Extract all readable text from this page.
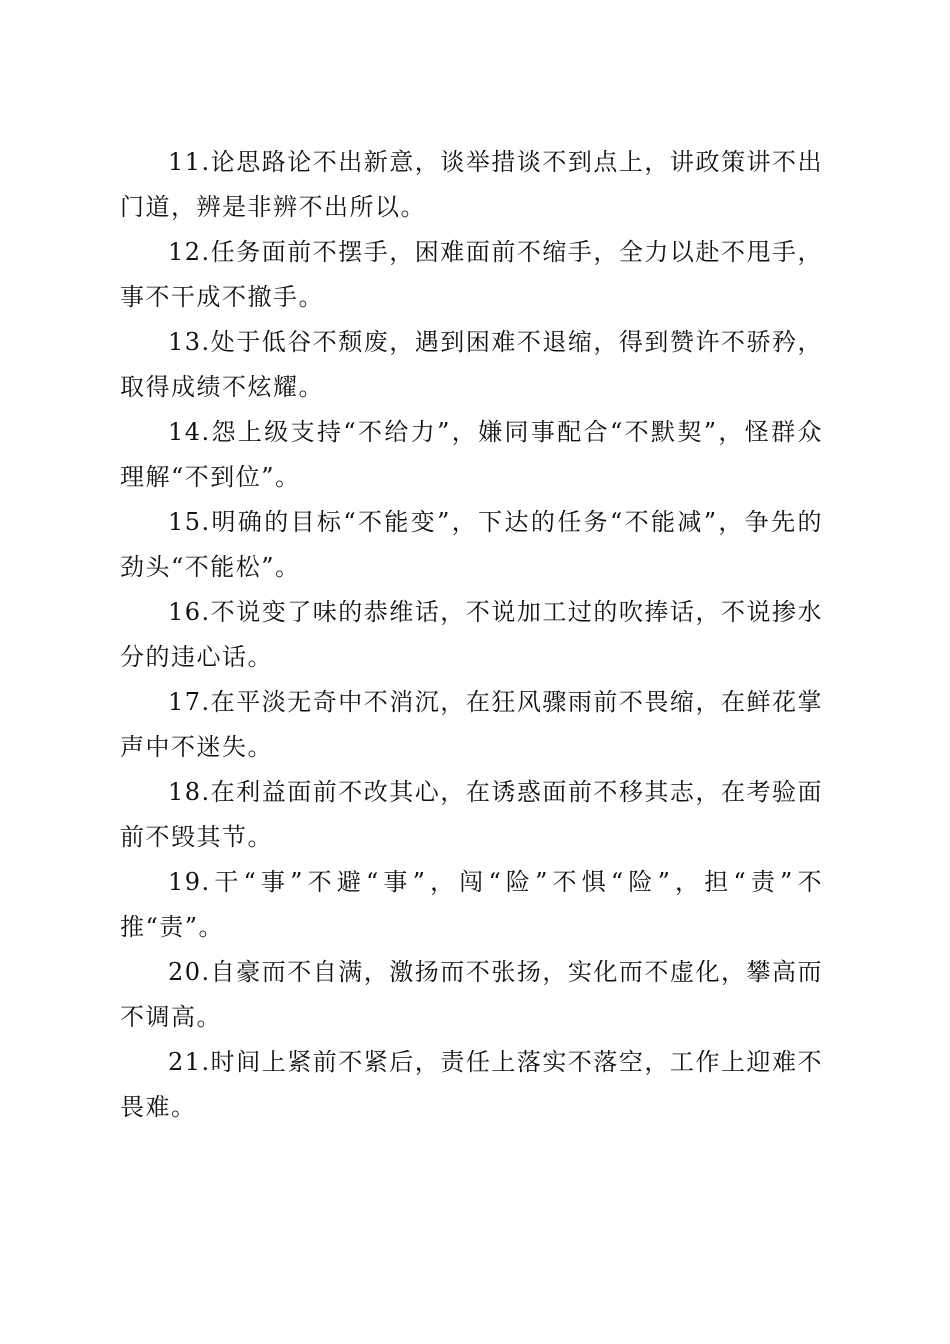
11.论思路论不出新意，谈举措谈不到点上，讲政策讲不出门道，辨是非辨不出所以。

12.任务面前不摆手，困难面前不缩手，全力以赴不甩手，事不干成不撤手。

13.处于低谷不颓废，遇到困难不退缩，得到赞许不骄矜，取得成绩不炫耀。

14.怨上级支持“不给力”，嫌同事配合“不默契”，怪群众理解“不到位”。

15.明确的目标“不能变”，下达的任务“不能减”，争先的劲头“不能松”。

16.不说变了味的恭维话，不说加工过的吹捧话，不说掺水分的违心话。

17.在平淡无奇中不消沉，在狂风骤雨前不畏缩，在鲜花掌声中不迷失。

18.在利益面前不改其心，在诱惑面前不移其志，在考验面前不毁其节。

19.干“事”不避“事”，闯“险”不惧“险”，担“责”不推“责”。

20.自豪而不自满，激扬而不张扬，实化而不虚化，攀高而不调高。

21.时间上紧前不紧后，责任上落实不落空，工作上迎难不畏难。
